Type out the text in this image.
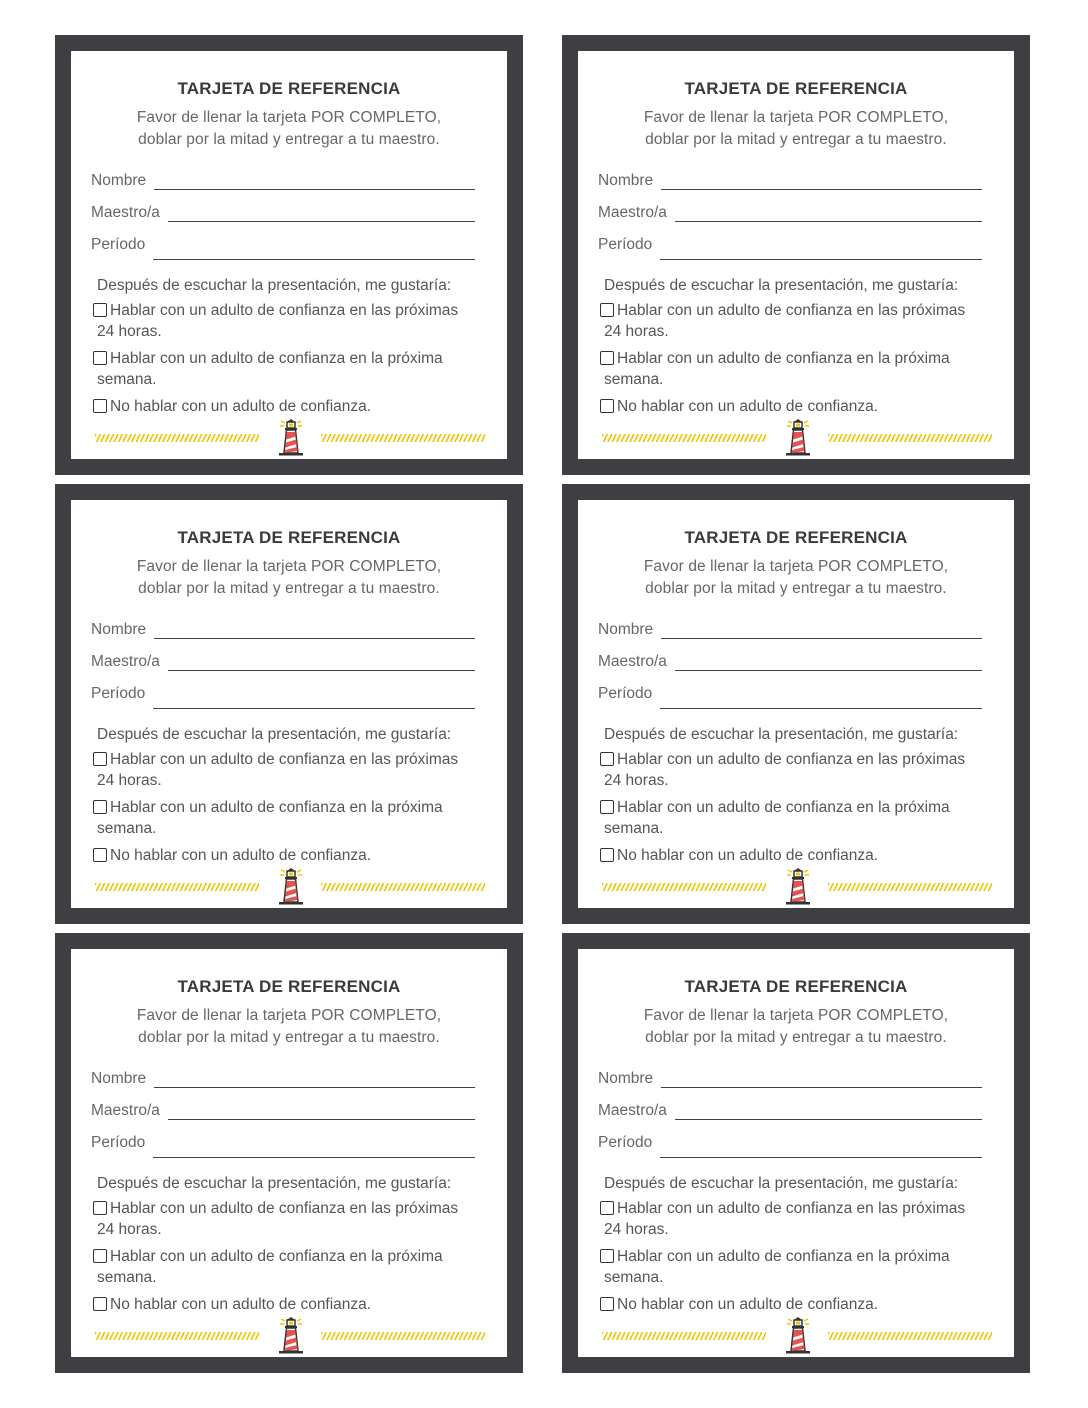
TARJETA DE REFERENCIA
Favor de llenar la tarjeta POR COMPLETO,
doblar por la mitad y entregar a tu maestro.
Nombre
Maestro/a
Período
Después de escuchar la presentación, me gustaría:
Hablar con un adulto de confianza en las próximas
24 horas.
Hablar con un adulto de confianza en la próxima
semana.
No hablar con un adulto de confianza.
TARJETA DE REFERENCIA
Favor de llenar la tarjeta POR COMPLETO,
doblar por la mitad y entregar a tu maestro.
Nombre
Maestro/a
Período
Después de escuchar la presentación, me gustaría:
Hablar con un adulto de confianza en las próximas
24 horas.
Hablar con un adulto de confianza en la próxima
semana.
No hablar con un adulto de confianza.
TARJETA DE REFERENCIA
Favor de llenar la tarjeta POR COMPLETO,
doblar por la mitad y entregar a tu maestro.
Nombre
Maestro/a
Período
Después de escuchar la presentación, me gustaría:
Hablar con un adulto de confianza en las próximas
24 horas.
Hablar con un adulto de confianza en la próxima
semana.
No hablar con un adulto de confianza.
TARJETA DE REFERENCIA
Favor de llenar la tarjeta POR COMPLETO,
doblar por la mitad y entregar a tu maestro.
Nombre
Maestro/a
Período
Después de escuchar la presentación, me gustaría:
Hablar con un adulto de confianza en las próximas
24 horas.
Hablar con un adulto de confianza en la próxima
semana.
No hablar con un adulto de confianza.
TARJETA DE REFERENCIA
Favor de llenar la tarjeta POR COMPLETO,
doblar por la mitad y entregar a tu maestro.
Nombre
Maestro/a
Período
Después de escuchar la presentación, me gustaría:
Hablar con un adulto de confianza en las próximas
24 horas.
Hablar con un adulto de confianza en la próxima
semana.
No hablar con un adulto de confianza.
TARJETA DE REFERENCIA
Favor de llenar la tarjeta POR COMPLETO,
doblar por la mitad y entregar a tu maestro.
Nombre
Maestro/a
Período
Después de escuchar la presentación, me gustaría:
Hablar con un adulto de confianza en las próximas
24 horas.
Hablar con un adulto de confianza en la próxima
semana.
No hablar con un adulto de confianza.
